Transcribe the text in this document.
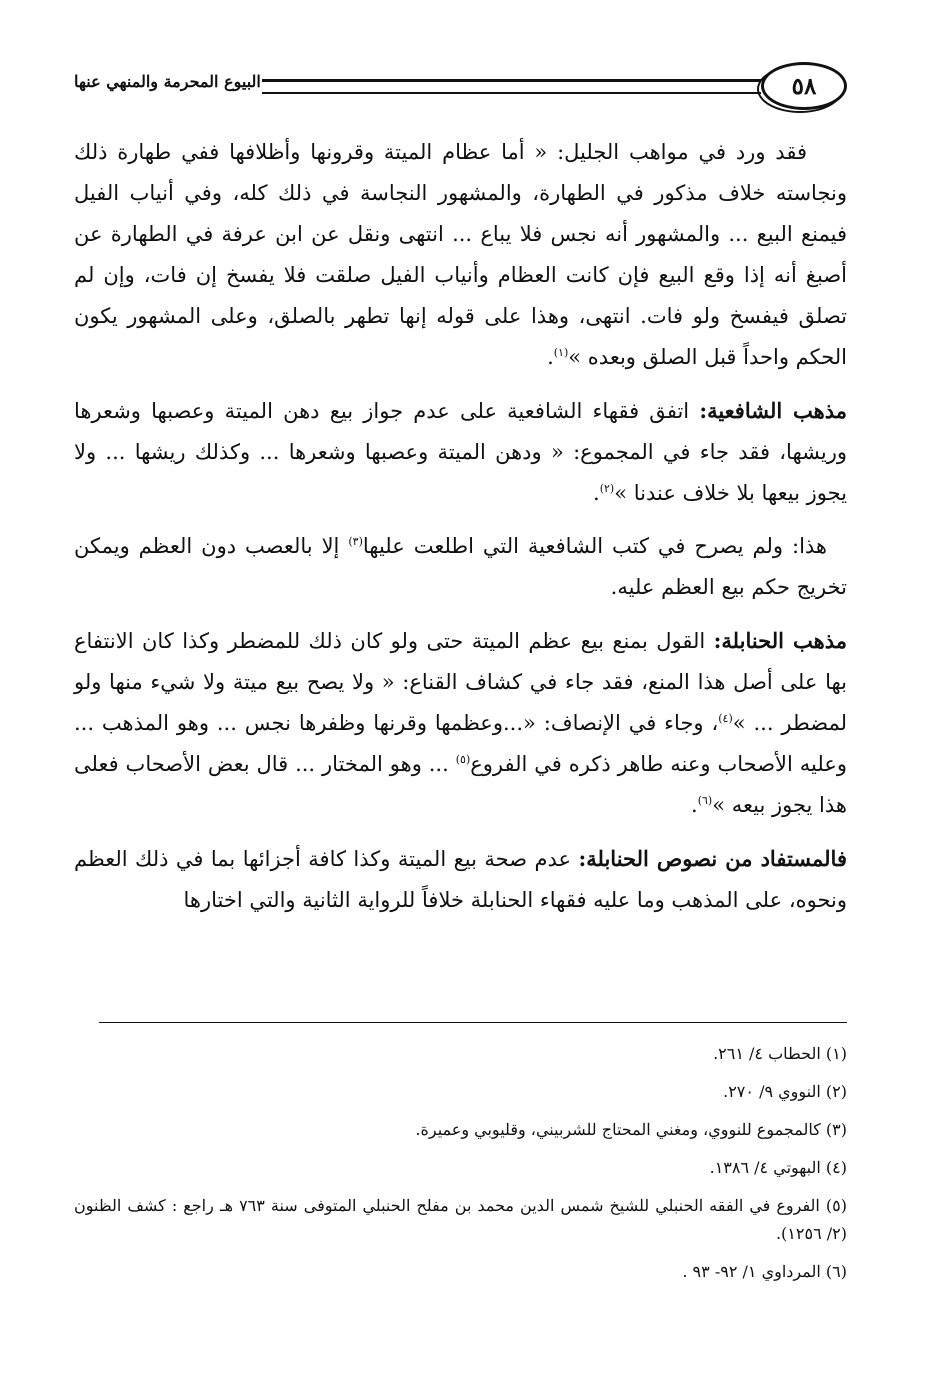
٥٨
البيوع المحرمة والمنهي عنها

فقد ورد في مواهب الجليل: « أما عظام الميتة وقرونها وأظلافها ففي طهارة ذلك ونجاسته خلاف مذكور في الطهارة، والمشهور النجاسة في ذلك كله، وفي أنياب الفيل فيمنع البيع ... والمشهور أنه نجس فلا يباع ... انتهى ونقل عن ابن عرفة في الطهارة عن أصبغ أنه إذا وقع البيع فإن كانت العظام وأنياب الفيل صلقت فلا يفسخ إن فات، وإن لم تصلق فيفسخ ولو فات. انتهى، وهذا على قوله إنها تطهر بالصلق، وعلى المشهور يكون الحكم واحداً قبل الصلق وبعده »$^{(١)}$.

مذهب الشافعية: اتفق فقهاء الشافعية على عدم جواز بيع دهن الميتة وعصبها وشعرها وريشها، فقد جاء في المجموع: « ودهن الميتة وعصبها وشعرها ... وكذلك ريشها ... ولا يجوز بيعها بلا خلاف عندنا »$^{(٢)}$.

هذا: ولم يصرح في كتب الشافعية التي اطلعت عليها$^{(٣)}$ إلا بالعصب دون العظم ويمكن تخريج حكم بيع العظم عليه.

مذهب الحنابلة: القول بمنع بيع عظم الميتة حتى ولو كان ذلك للمضطر وكذا كان الانتفاع بها على أصل هذا المنع، فقد جاء في كشاف القناع: « ولا يصح بيع ميتة ولا شيء منها ولو لمضطر ... »$^{(٤)}$، وجاء في الإنصاف: «...وعظمها وقرنها وظفرها نجس ... وهو المذهب ... وعليه الأصحاب وعنه طاهر ذكره في الفروع$^{(٥)}$ ... وهو المختار ... قال بعض الأصحاب فعلى هذا يجوز بيعه »$^{(٦)}$.

فالمستفاد من نصوص الحنابلة: عدم صحة بيع الميتة وكذا كافة أجزائها بما في ذلك العظم ونحوه، على المذهب وما عليه فقهاء الحنابلة خلافاً للرواية الثانية والتي اختارها

(١) الحطاب ٤/ ٢٦١.
(٢) النووي ٩/ ٢٧٠.
(٣) كالمجموع للنووي، ومغني المحتاج للشربيني، وقليوبي وعميرة.
(٤) البهوتي ٤/ ١٣٨٦.
(٥) الفروع في الفقه الحنبلي للشيخ شمس الدين محمد بن مفلح الحنبلي المتوفى سنة ٧٦٣ هـ راجع : كشف الظنون (٢/ ١٢٥٦).
(٦) المرداوي ١/ ٩٢- ٩٣ .
